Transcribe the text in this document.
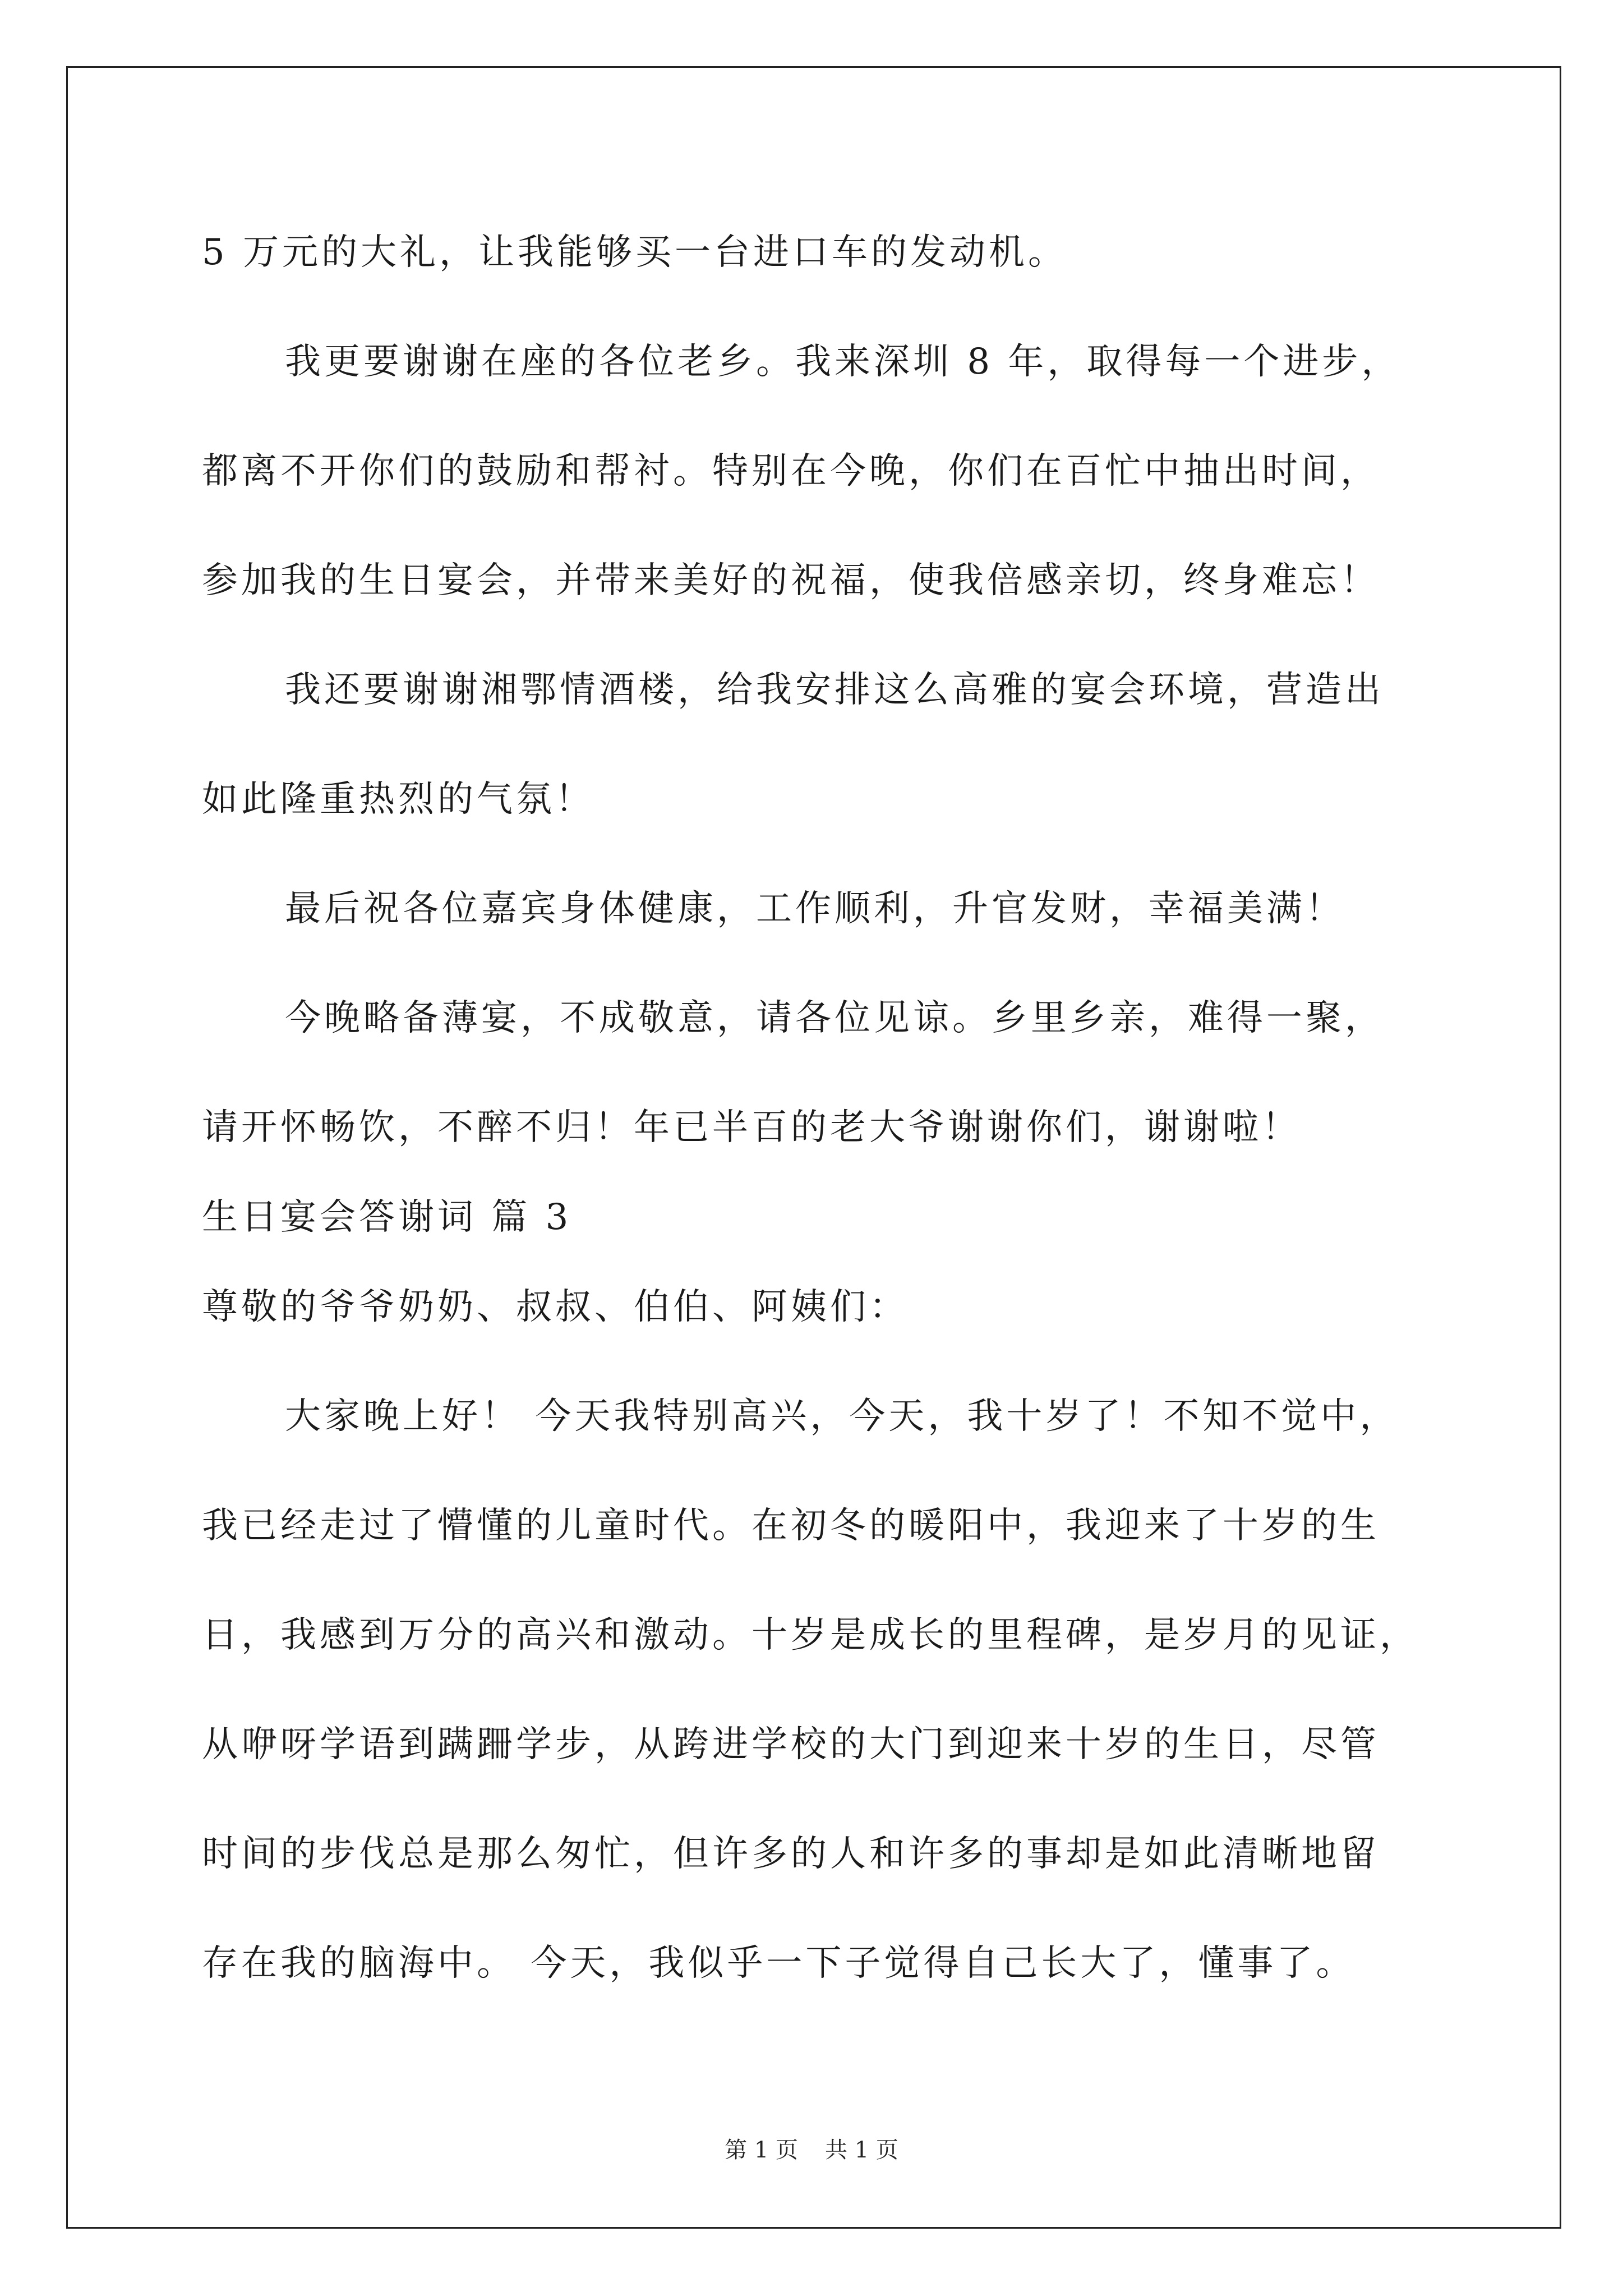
5 万元的大礼，让我能够买一台进口车的发动机。
我更要谢谢在座的各位老乡。我来深圳 8 年，取得每一个进步，
都离不开你们的鼓励和帮衬。特别在今晚，你们在百忙中抽出时间，
参加我的生日宴会，并带来美好的祝福，使我倍感亲切，终身难忘！
我还要谢谢湘鄂情酒楼，给我安排这么高雅的宴会环境，营造出
如此隆重热烈的气氛！
最后祝各位嘉宾身体健康，工作顺利，升官发财，幸福美满！
今晚略备薄宴，不成敬意，请各位见谅。乡里乡亲，难得一聚，
请开怀畅饮，不醉不归！年已半百的老大爷谢谢你们，谢谢啦！
生日宴会答谢词 篇 3
尊敬的爷爷奶奶、叔叔、伯伯、阿姨们：
大家晚上好！ 今天我特别高兴，今天，我十岁了！不知不觉中，
我已经走过了懵懂的儿童时代。在初冬的暖阳中，我迎来了十岁的生
日，我感到万分的高兴和激动。十岁是成长的里程碑，是岁月的见证，
从咿呀学语到蹒跚学步，从跨进学校的大门到迎来十岁的生日，尽管
时间的步伐总是那么匆忙，但许多的人和许多的事却是如此清晰地留
存在我的脑海中。 今天，我似乎一下子觉得自己长大了，懂事了。
第 1 页 共 1 页
